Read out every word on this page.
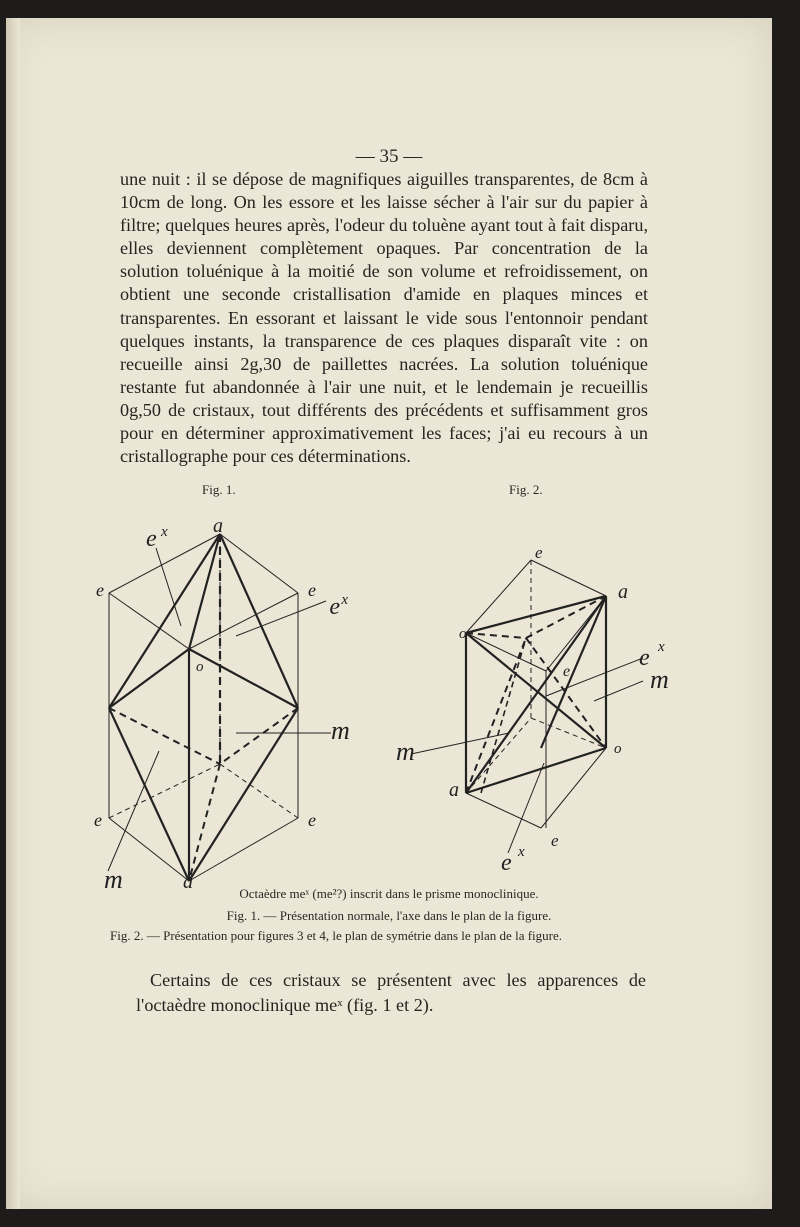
— 35 —

une nuit : il se dépose de magnifiques aiguilles transparentes, de 8cm à 10cm de long. On les essore et les laisse sécher à l'air sur du papier à filtre; quelques heures après, l'odeur du toluène ayant tout à fait disparu, elles deviennent complètement opaques. Par concentration de la solution toluénique à la moitié de son volume et refroidissement, on obtient une seconde cristallisation d'amide en plaques minces et transparentes. En essorant et laissant le vide sous l'entonnoir pendant quelques instants, la transparence de ces plaques disparaît vite : on recueille ainsi 2g,30 de paillettes nacrées. La solution toluénique restante fut abandonnée à l'air une nuit, et le lendemain je recueillis 0g,50 de cristaux, tout différents des précédents et suffisamment gros pour en déterminer approximativement les faces; j'ai eu recours à un cristallographe pour ces déterminations.

Fig. 1.	Fig. 2.
a
a
e	e
e	e
e x
e x
o
m
m
e
a
o
e
o
a
e
e x
m
m
e x
Octaèdre meˣ (me²?) inscrit dans le prisme monoclinique.
Fig. 1. — Présentation normale, l'axe dans le plan de la figure.
Fig. 2. — Présentation pour figures 3 et 4, le plan de symétrie dans le plan de la figure.

Certains de ces cristaux se présentent avec les apparences de l'octaèdre monoclinique meˣ (fig. 1 et 2).
